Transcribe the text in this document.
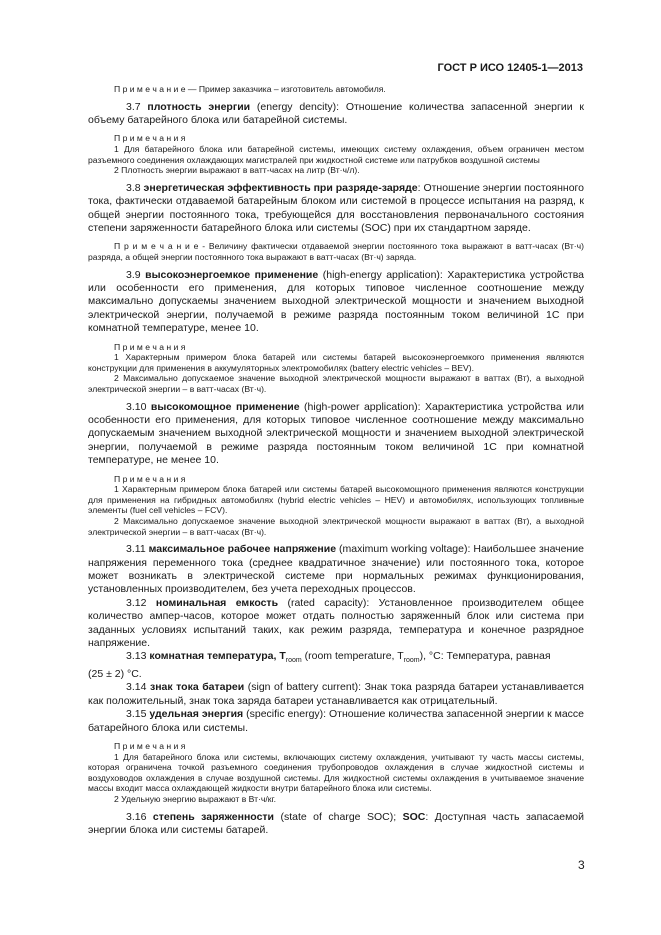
ГОСТ Р ИСО 12405-1—2013

П р и м е ч а н и е — Пример заказчика – изготовитель автомобиля.

3.7 плотность энергии (energy dencity): Отношение количества запасенной энергии к объему батарейного блока или батарейной системы.

П р и м е ч а н и я

1 Для батарейного блока или батарейной системы, имеющих систему охлаждения, объем ограничен местом разъемного соединения охлаждающих магистралей при жидкостной системе или патрубков воздушной системы

2 Плотность энергии выражают в ватт-часах на литр (Вт·ч/л).

3.8 энергетическая эффективность при разряде-заряде: Отношение энергии постоянного тока, фактически отдаваемой батарейным блоком или системой в процессе испытания на разряд, к общей энергии постоянного тока, требующейся для восстановления первоначального состояния степени заряженности батарейного блока или системы (SOC) при их стандартном заряде.

П р и м е ч а н и е - Величину фактически отдаваемой энергии постоянного тока выражают в ватт-часах (Вт·ч) разряда, а общей энергии постоянного тока выражают в ватт-часах (Вт·ч) заряда.

3.9 высокоэнергоемкое применение (high-energy application): Характеристика устройства или особенности его применения, для которых типовое численное соотношение между максимально допускаемы значением выходной электрической мощности и значением выходной электрической энергии, получаемой в режиме разряда постоянным током величиной 1С при комнатной температуре, менее 10.

П р и м е ч а н и я

1 Характерным примером блока батарей или системы батарей высокоэнергоемкого применения являются конструкции для применения в аккумуляторных электромобилях (battery electric vehicles – BEV).

2 Максимально допускаемое значение выходной электрической мощности выражают в ваттах (Вт), а выходной электрической энергии – в ватт-часах (Вт·ч).

3.10 высокомощное применение (high-power application): Характеристика устройства или особенности его применения, для которых типовое численное соотношение между максимально допускаемым значением выходной электрической мощности и значением выходной электрической энергии, получаемой в режиме разряда постоянным током величиной 1С при комнатной температуре, не менее 10.

П р и м е ч а н и я

1 Характерным примером блока батарей или системы батарей высокомощного применения являются конструкции для применения на гибридных автомобилях (hybrid electric vehicles – HEV) и автомобилях, использующих топливные элементы (fuel cell vehicles – FCV).

2 Максимально допускаемое значение выходной электрической мощности выражают в ваттах (Вт), а выходной электрической энергии – в ватт-часах (Вт·ч).

3.11 максимальное рабочее напряжение (maximum working voltage): Наибольшее значение напряжения переменного тока (среднее квадратичное значение) или постоянного тока, которое может возникать в электрической системе при нормальных режимах функционирования, установленных производителем, без учета переходных процессов.

3.12 номинальная емкость (rated capacity): Установленное производителем общее количество ампер-часов, которое может отдать полностью заряженный блок или система при заданных условиях испытаний таких, как режим разряда, температура и конечное разрядное напряжение.

3.13 комнатная температура, $T_{room}$ (room temperature, $T_{room}$), °С: Температура, равная

(25 ± 2) °С.

3.14 знак тока батареи (sign of battery current): Знак тока разряда батареи устанавливается как положительный, знак тока заряда батареи устанавливается как отрицательный.

3.15 удельная энергия (specific energy): Отношение количества запасенной энергии к массе батарейного блока или системы.

П р и м е ч а н и я

1 Для батарейного блока или системы, включающих систему охлаждения, учитывают ту часть массы системы, которая ограничена точкой разъемного соединения трубопроводов охлаждения в случае жидкостной системы и воздуховодов охлаждения в случае воздушной системы. Для жидкостной системы охлаждения в учитываемое значение массы входит масса охлаждающей жидкости внутри батарейного блока или системы.

2 Удельную энергию выражают в Вт·ч/кг.

3.16 степень заряженности (state of charge SOC); SOC: Доступная часть запасаемой энергии блока или системы батарей.

3
